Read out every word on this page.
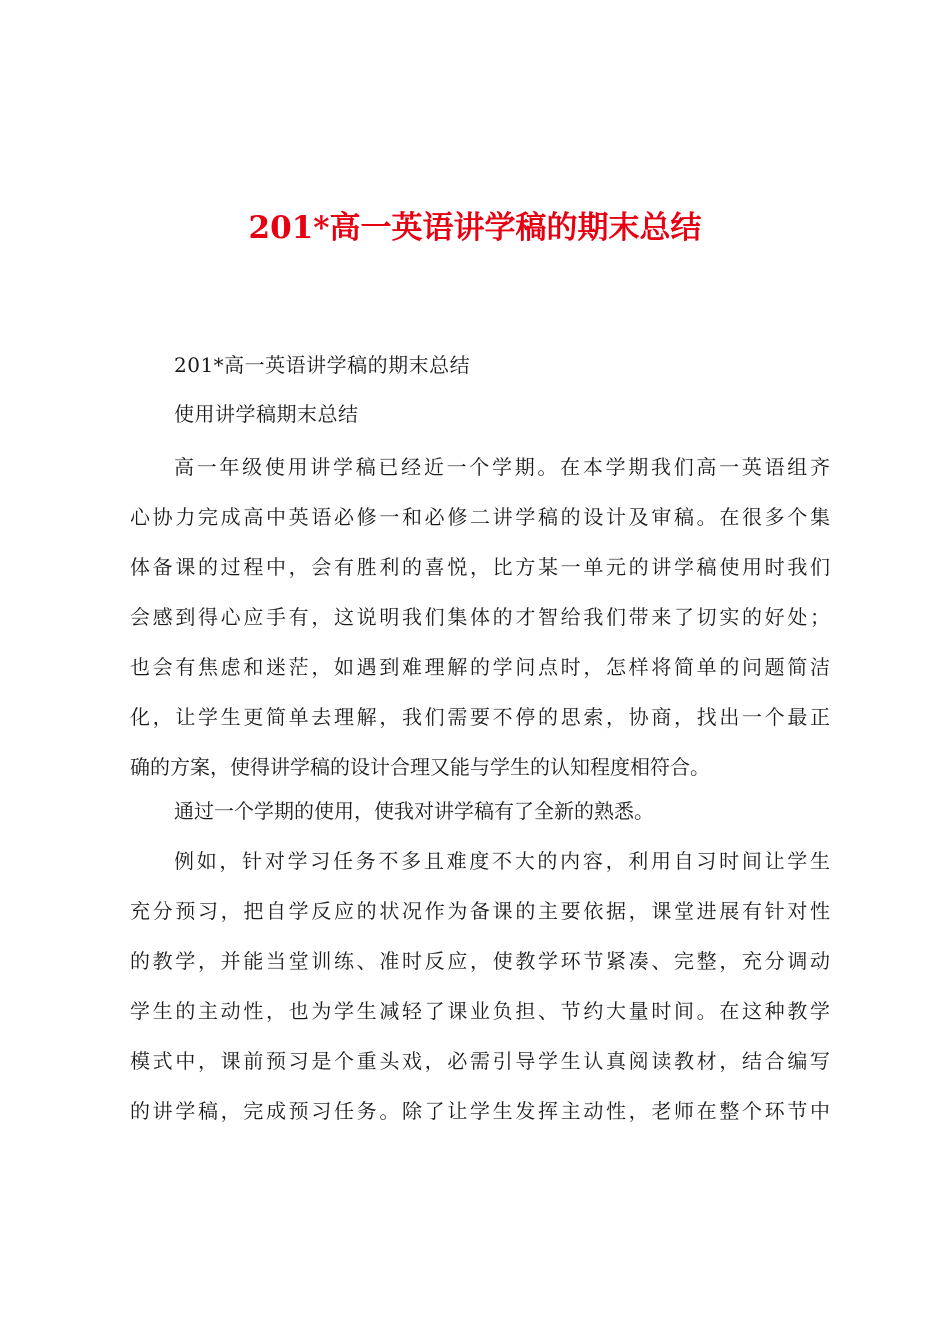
201*高一英语讲学稿的期末总结
201*高一英语讲学稿的期末总结
使用讲学稿期末总结
高一年级使用讲学稿已经近一个学期。在本学期我们高一英语组齐
心协力完成高中英语必修一和必修二讲学稿的设计及审稿。在很多个集
体备课的过程中，会有胜利的喜悦，比方某一单元的讲学稿使用时我们
会感到得心应手有，这说明我们集体的才智给我们带来了切实的好处；
也会有焦虑和迷茫，如遇到难理解的学问点时，怎样将简单的问题简洁
化，让学生更简单去理解，我们需要不停的思索，协商，找出一个最正
确的方案，使得讲学稿的设计合理又能与学生的认知程度相符合。
通过一个学期的使用，使我对讲学稿有了全新的熟悉。
例如，针对学习任务不多且难度不大的内容，利用自习时间让学生
充分预习，把自学反应的状况作为备课的主要依据，课堂进展有针对性
的教学，并能当堂训练、准时反应，使教学环节紧凑、完整，充分调动
学生的主动性，也为学生减轻了课业负担、节约大量时间。在这种教学
模式中，课前预习是个重头戏，必需引导学生认真阅读教材，结合编写
的讲学稿，完成预习任务。除了让学生发挥主动性，老师在整个环节中
